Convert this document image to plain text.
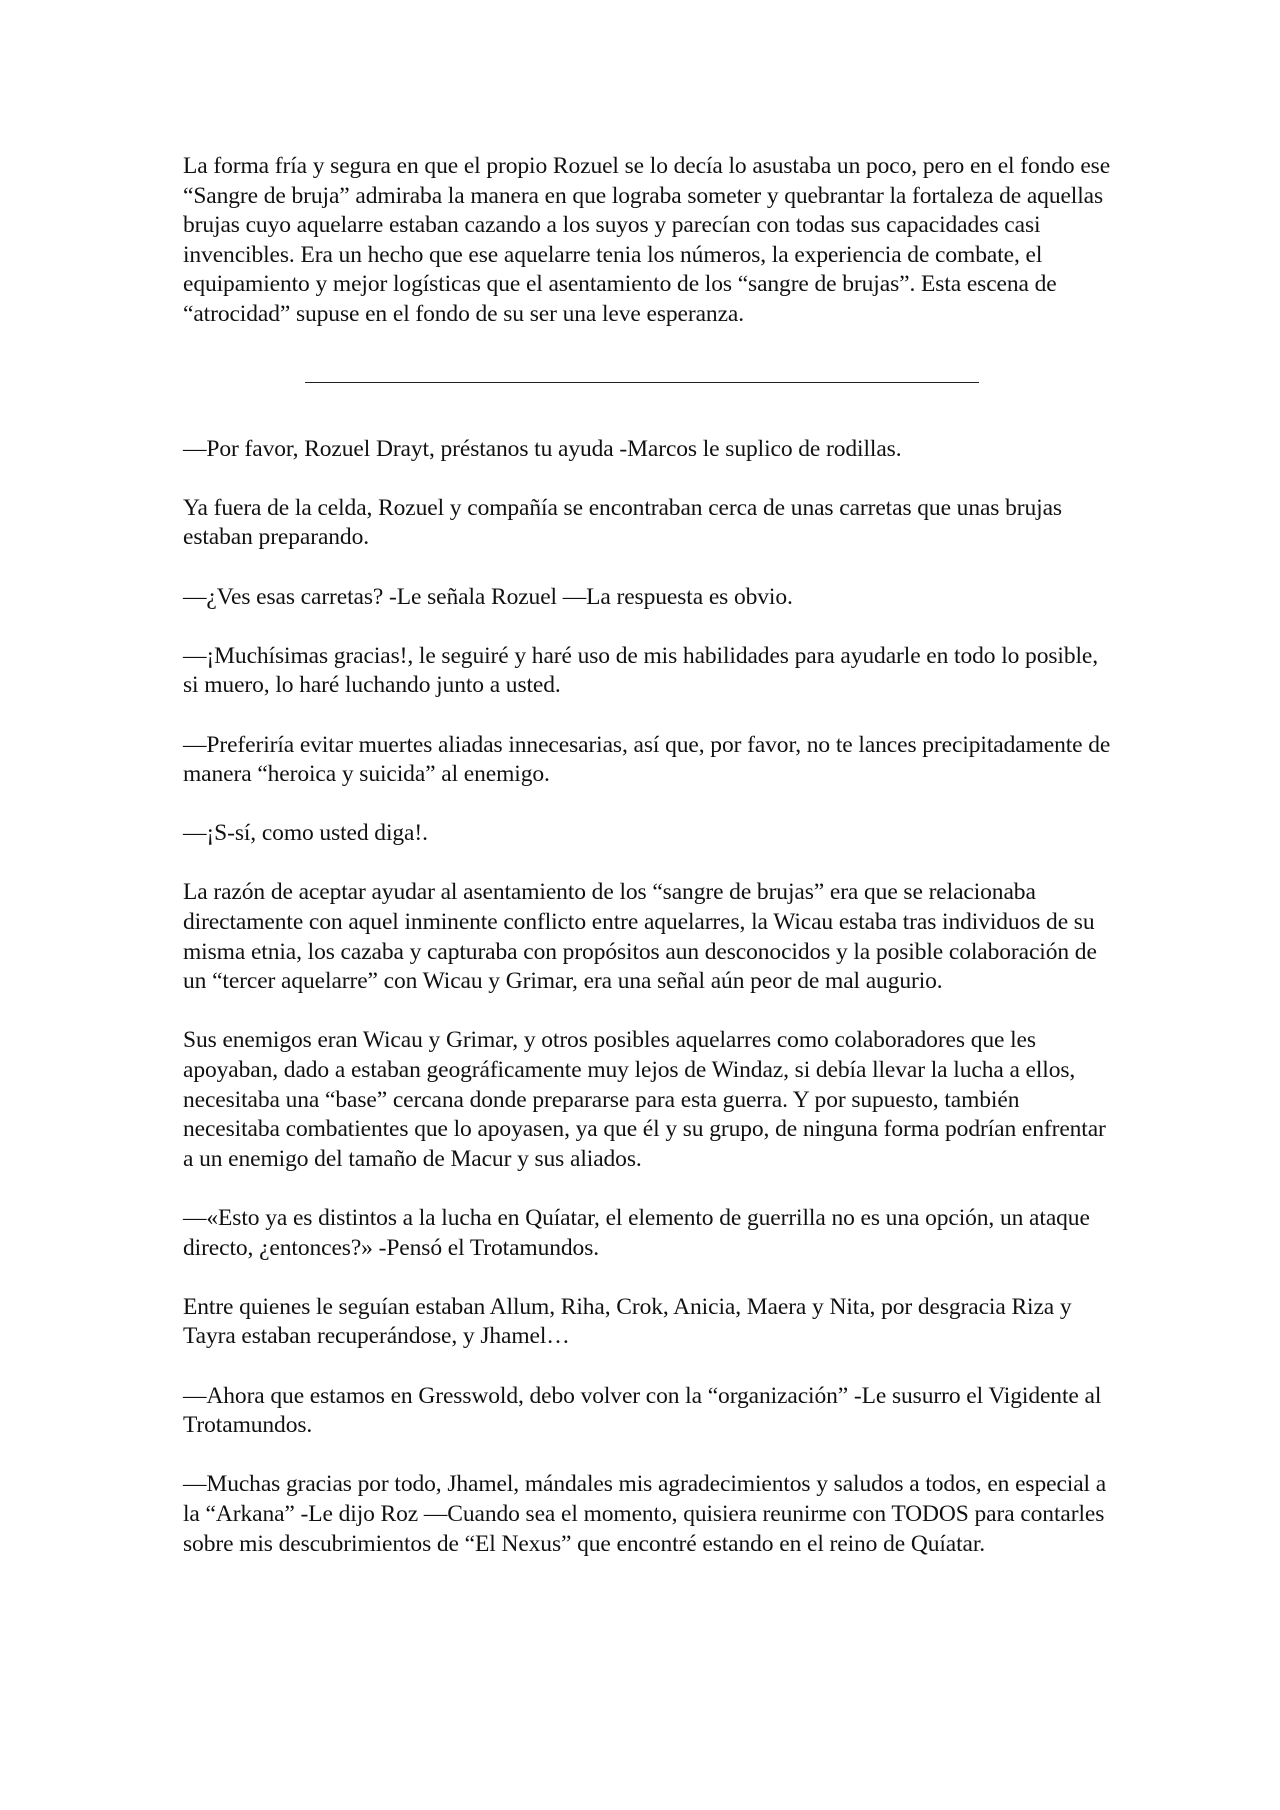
La forma fría y segura en que el propio Rozuel se lo decía lo asustaba un poco, pero en el fondo ese “Sangre de bruja” admiraba la manera en que lograba someter y quebrantar la fortaleza de aquellas brujas cuyo aquelarre estaban cazando a los suyos y parecían con todas sus capacidades casi invencibles. Era un hecho que ese aquelarre tenia los números, la experiencia de combate, el equipamiento y mejor logísticas que el asentamiento de los “sangre de brujas”. Esta escena de “atrocidad” supuse en el fondo de su ser una leve esperanza.

—Por favor, Rozuel Drayt, préstanos tu ayuda -Marcos le suplico de rodillas.

Ya fuera de la celda, Rozuel y compañía se encontraban cerca de unas carretas que unas brujas estaban preparando.

—¿Ves esas carretas? -Le señala Rozuel —La respuesta es obvio.

—¡Muchísimas gracias!, le seguiré y haré uso de mis habilidades para ayudarle en todo lo posible, si muero, lo haré luchando junto a usted.

—Preferiría evitar muertes aliadas innecesarias, así que, por favor, no te lances precipitadamente de manera “heroica y suicida” al enemigo.

—¡S-sí, como usted diga!.

La razón de aceptar ayudar al asentamiento de los “sangre de brujas” era que se relacionaba directamente con aquel inminente conflicto entre aquelarres, la Wicau estaba tras individuos de su misma etnia, los cazaba y capturaba con propósitos aun desconocidos y la posible colaboración de un “tercer aquelarre” con Wicau y Grimar, era una señal aún peor de mal augurio.

Sus enemigos eran Wicau y Grimar, y otros posibles aquelarres como colaboradores que les apoyaban, dado a estaban geográficamente muy lejos de Windaz, si debía llevar la lucha a ellos, necesitaba una “base” cercana donde prepararse para esta guerra. Y por supuesto, también necesitaba combatientes que lo apoyasen, ya que él y su grupo, de ninguna forma podrían enfrentar a un enemigo del tamaño de Macur y sus aliados.

—«Esto ya es distintos a la lucha en Quíatar, el elemento de guerrilla no es una opción, un ataque directo, ¿entonces?» -Pensó el Trotamundos.

Entre quienes le seguían estaban Allum, Riha, Crok, Anicia, Maera y Nita, por desgracia Riza y Tayra estaban recuperándose, y Jhamel…

—Ahora que estamos en Gresswold, debo volver con la “organización” -Le susurro el Vigidente al Trotamundos.

—Muchas gracias por todo, Jhamel, mándales mis agradecimientos y saludos a todos, en especial a la “Arkana” -Le dijo Roz —Cuando sea el momento, quisiera reunirme con TODOS para contarles sobre mis descubrimientos de “El Nexus” que encontré estando en el reino de Quíatar.
